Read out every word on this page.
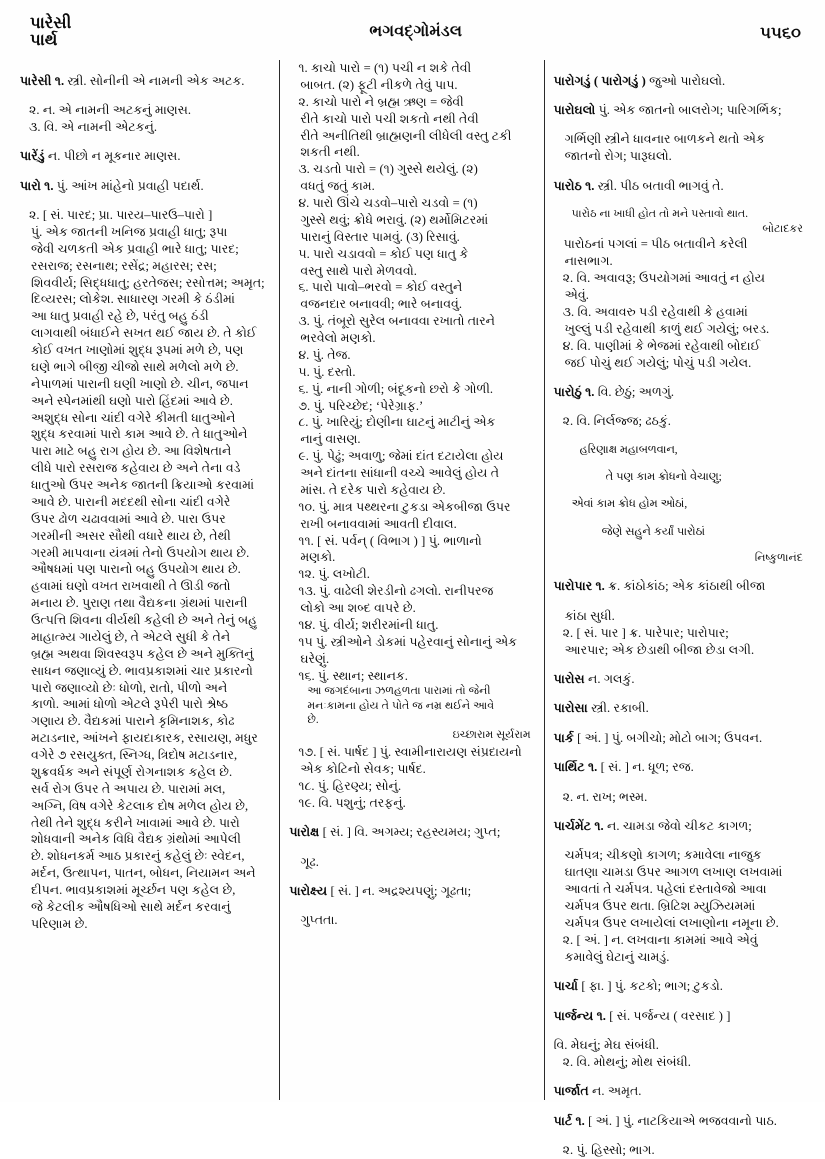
પારેસી
પાર્થ	ભગવદ્ગોમંડલ	૫૫૬૦

પારેસી ૧. સ્ત્રી. સોનીની એ નામની એક અટક.

૨. ન. એ નામની અટકનું માણસ.

૩. વિ. એ નામની એટકનું.

પારેંડું ન. પીછો ન મૂકનાર માણસ.

પારો ૧. પું. આંખ માંહેનો પ્રવાહી પદાર્થ.

૨. [ સં. પારદ; પ્રા. પારય–પારઉ–પારો ]

પું. એક જાતની ખનિજ પ્રવાહી ધાતુ; રૂપા

જેવી ચળકતી એક પ્રવાહી ભારે ધાતુ; પારદ;

રસરાજ; રસનાથ; રસેંદ્ર; મહારસ; રસ;

શિવવીર્ય; સિદ્ધધાતુ; હરતેજસ; રસોત્તમ; અમૃત;

દિવ્યરસ; લોકેશ. સાધારણ ગરમી કે ઠંડીમાં

આ ધાતુ પ્રવાહી રહે છે, પરંતુ બહુ ઠંડી

લાગવાથી બંધાઈને સખત થઈ જાય છે. તે કોઈ

કોઈ વખત ખાણોમાં શુદ્ધ રૂપમાં મળે છે, પણ

ઘણે ભાગે બીજી ચીજો સાથે મળેલો મળે છે.

નેપાળમાં પારાની ઘણી ખાણો છે. ચીન, જપાન

અને સ્પેનમાંથી ઘણો પારો હિંદમાં આવે છે.

અશુદ્ધ સોના ચાંદી વગેરે કીમતી ધાતુઓને

શુદ્ધ કરવામાં પારો કામ આવે છે. તે ધાતુઓને

પારા માટે બહુ રાગ હોય છે. આ વિશેષતાને

લીધે પારો રસરાજ કહેવાય છે અને તેના વડે

ધાતુઓ ઉપર અનેક જાતની ક્રિયાઓ કરવામાં

આવે છે. પારાની મદદથી સોના ચાંદી વગેરે

ઉપર ઢોળ ચઢાવવામાં આવે છે. પારા ઉપર

ગરમીની અસર સૌથી વધારે થાય છે, તેથી

ગરમી માપવાના યંત્રમાં તેનો ઉપયોગ થાય છે.

ઔષધમાં પણ પારાનો બહુ ઉપયોગ થાય છે.

હવામાં ઘણો વખત રાખવાથી તે ઊડી જતો

મનાય છે. પુરાણ તથા વૈદ્યકના ગ્રંથમાં પારાની

ઉત્પત્તિ શિવના વીર્યથી કહેલી છે અને તેનું બહુ

માહાત્મ્ય ગાયેલું છે, તે એટલે સુધી કે તેને

બ્રહ્મ અથવા શિવસ્વરૂપ કહેલ છે અને મુક્તિનું

સાધન જણાવ્યું છે. ભાવપ્રકાશમાં ચાર પ્રકારનો

પારો જણાવ્યો છેઃ ધોળો, રાતો, પીળો અને

કાળો. આમાં ધોળો એટલે રૂપેરી પારો શ્રેષ્ઠ

ગણાય છે. વૈદ્યકમાં પારાને કૃમિનાશક, કોઢ

મટાડનાર, આંખને ફાયદાકારક, રસાયણ, મધુર

વગેરે ૭ રસયુક્ત, સ્નિગ્ધ, ત્રિદોષ મટાડનાર,

શુક્રવર્ધક અને સંપૂર્ણ રોગનાશક કહેલ છે.

સર્વ રોગ ઉપર તે અપાય છે. પારામાં મલ,

અગ્નિ, વિષ વગેરે કેટલાક દોષ મળેલ હોય છે,

તેથી તેને શુદ્ધ કરીને ખાવામાં આવે છે. પારો

શોધવાની અનેક વિધિ વૈદ્યક ગ્રંથોમાં આપેલી

છે. શોધનકર્મ આઠ પ્રકારનું કહેલું છેઃ સ્વેદન,

મર્દન, ઉત્થાપન, પાતન, બોધન, નિયામન અને

દીપન. ભાવપ્રકાશમાં મૂર્ચ્છન પણ કહેલ છે,

જે કેટલીક ઔષધિઓ સાથે મર્દન કરવાનું

પરિણામ છે.

૧. કાચો પારો = (૧) પચી ન શકે તેવી

બાબત. (૨) ફૂટી નીકળે તેવું પાપ.

૨. કાચો પારો ને બ્રહ્મ ઋણ = જેવી

રીતે કાચો પારો પચી શકતો નથી તેવી

રીતે અનીતિથી બ્રાહ્મણની લીધેલી વસ્તુ ટકી

શકતી નથી.

૩. ચડતો પારો = (૧) ગુસ્સે થયેલું. (૨)

વધતું જતું કામ.

૪. પારો ઊંચે ચડવો–પારો ચડવો = (૧)

ગુસ્સે થવું; ક્રોધે ભરાવું. (૨) થર્મોમિટરમાં

પારાનું વિસ્તાર પામવું. (૩) રિસાવું.

૫. પારો ચડાવવો = કોઈ પણ ધાતુ કે

વસ્તુ સાથે પારો મેળવવો.

૬. પારો પાવો–ભરવો = કોઈ વસ્તુને

વજનદાર બનાવવી; ભારે બનાવવું.

૩. પું. તંબૂરો સુરેલ બનાવવા રખાતો તારને

ભરવેલો મણકો.

૪. પું. તેજ.

૫. પું. દસ્તો.

૬. પું. નાની ગોળી; બંદૂકનો છરો કે ગોળી.

૭. પું. પરિચ્છેદ; ‘પેરેગ્રાફ.’

૮. પું. ખારિયું; દોણીના ઘાટનું માટીનું એક

નાનું વાસણ.

૯. પું. પેઢું; અવાળુ; જેમાં દાંત દટાયેલા હોય

અને દાંતના સાંધાની વચ્ચે આવેલું હોય તે

માંસ. તે દરેક પારો કહેવાય છે.

૧૦. પું. માત્ર પથ્થરના ટુકડા એકબીજા ઉપર

રાખી બનાવવામાં આવતી દીવાલ.

૧૧. [ સં. પર્વન્ ( વિભાગ ) ] પું. ભાળાનો

મણકો.

૧૨. પું. લખોટી.

૧૩. પું. વાઢેલી શેરડીનો ઢગલો. રાનીપરજ

લોકો આ શબ્દ વાપરે છે.

૧૪. પું. વીર્ય; શરીરમાંની ધાતુ.

૧૫ પું. સ્ત્રીઓને ડોકમાં પહેરવાનું સોનાનું એક

ઘરેણું.

૧૬. પું. સ્થાન; સ્થાનક.

આ જગદંબાના ઝળહળતા પારામાં તો જેની

મનઃકામના હોય તે પોતે જ નમ્ર થઈને આવે

છે.

ઇચ્છારામ સૂર્યરામ

૧૭. [ સં. પાર્ષદ ] પું. સ્વામીનારાયણ સંપ્રદાયનો

એક કોટિનો સેવક; પાર્ષદ.

૧૮. પું. હિરણ્ય; સોનું.

૧૯. વિ. પશુનું; તરફનું.

પારોક્ષ [ સં. ] વિ. અગમ્ય; રહસ્યમય; ગુપ્ત;

ગૂઢ.

પારોક્ષ્ય [ સં. ] ન. અદ્રશ્યપણું; ગૂઢતા;

ગુપ્તતા.

પારોગડું ( પારોગડું ) જુઓ પારોઘલો.

પારોઘલો પું. એક જાતનો બાલરોગ; પારિગર્ભિક;

ગર્ભિણી સ્ત્રીને ધાવનાર બાળકને થતો એક

જાતનો રોગ; પારૂઘલો.

પારોઠ ૧. સ્ત્રી. પીઠ બતાવી ભાગવું તે.

પારોઠ ના ખાધી હોત તો મને પસ્તાવો થાત.

બોટાદકર

પારોઠનાં પગલાં = પીઠ બતાવીને કરેલી

નાસભાગ.

૨. વિ. અવાવરૂ; ઉપયોગમાં આવતું ન હોય

એવું.

૩. વિ. અવાવરુ પડી રહેવાથી કે હવામાં

ખુલ્લું પડી રહેવાથી કાળું થઈ ગયેલું; બરડ.

૪. વિ. પાણીમાં કે ભેજમાં રહેવાથી બોદાઈ

જઈ પોચું થઈ ગયેલું; પોચું પડી ગયેલ.

પારોઠું ૧. વિ. છેઠું; અળગું.

૨. વિ. નિર્લજ્જ; ઢઠકું.

હરિણાક્ષ મહાબળવાન,

તે પણ કામ ક્રોધનો વેચાણુ;

એવાં કામ ક્રોધ હોમ ઓઠાં,

જેણે સહુને કર્યાં પારોઠાં

નિષ્કુળાનંદ

પારોપાર ૧. ક્ર. કાંઠોકાંઠ; એક કાંઠાથી બીજા

કાંઠા સુધી.

૨. [ સં. પાર ] ક્ર. પારેપાર; પારોપાર;

આરપાર; એક છેડાથી બીજા છેડા લગી.

પારોસ ન. ગલકું.

પારોસા સ્ત્રી. રકાબી.

પાર્ક [ અં. ] પું. બગીચો; મોટો બાગ; ઉપવન.

પાર્થિટ ૧. [ સં. ] ન. ધૂળ; રજ.

૨. ન. રાખ; ભસ્મ.

પાર્ચમેંટ ૧. ન. ચામડા જેવો ચીકટ કાગળ;

ચર્મપત્ર; ચીકણો કાગળ; કમાવેલા નાજુક

ઘાતણા ચામડા ઉપર આગળ લખાણ લખવામાં

આવતાં તે ચર્મપત્ર. પહેલાં દસ્તાવેજો આવા

ચર્મપત્ર ઉપર થતા. બ્રિટિશ મ્યુઝિયમમાં

ચર્મપત્ર ઉપર લખાયેલાં લખાણોના નમૂના છે.

૨. [ અં. ] ન. લખવાના કામમાં આવે એવું

કમાવેલું ઘેટાનું ચામડું.

પાર્ચા [ ફા. ] પું. કટકો; ભાગ; ટુકડો.

પાર્જન્ય ૧. [ સં. પર્જન્ય ( વરસાદ ) ]

વિ. મેઘનું; મેઘ સંબંધી.

૨. વિ. મોથનું; મોથ સંબંધી.

પાર્જાત ન. અમૃત.

પાર્ટ ૧. [ અં. ] પું. નાટકિયાએ ભજવવાનો પાઠ.

૨. પું. હિસ્સો; ભાગ.
